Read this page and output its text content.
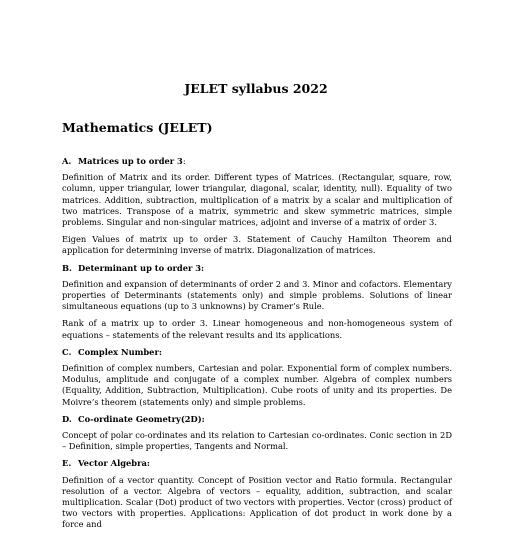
JELET syllabus 2022
Mathematics (JELET)

A. Matrices up to order 3:

Definition of Matrix and its order. Different types of Matrices. (Rectangular, square, row, column, upper triangular, lower triangular, diagonal, scalar, identity, null). Equality of two matrices. Addition, subtraction, multiplication of a matrix by a scalar and multiplication of two matrices. Transpose of a matrix, symmetric and skew symmetric matrices, simple problems. Singular and non-singular matrices, adjoint and inverse of a matrix of order 3.

Eigen Values of matrix up to order 3. Statement of Cauchy Hamilton Theorem and application for determining inverse of matrix. Diagonalization of matrices.

B. Determinant up to order 3:

Definition and expansion of determinants of order 2 and 3. Minor and cofactors. Elementary properties of Determinants (statements only) and simple problems. Solutions of linear simultaneous equations (up to 3 unknowns) by Cramer’s Rule.

Rank of a matrix up to order 3. Linear homogeneous and non-homogeneous system of equations – statements of the relevant results and its applications.

C. Complex Number:

Definition of complex numbers, Cartesian and polar. Exponential form of complex numbers. Modulus, amplitude and conjugate of a complex number. Algebra of complex numbers (Equality, Addition, Subtraction, Multiplication). Cube roots of unity and its properties. De Moivre’s theorem (statements only) and simple problems.

D. Co-ordinate Geometry(2D):

Concept of polar co-ordinates and its relation to Cartesian co-ordinates. Conic section in 2D – Definition, simple properties, Tangents and Normal.

E. Vector Algebra:

Definition of a vector quantity. Concept of Position vector and Ratio formula. Rectangular resolution of a vector. Algebra of vectors – equality, addition, subtraction, and scalar multiplication. Scalar (Dot) product of two vectors with properties. Vector (cross) product of two vectors with properties. Applications: Application of dot product in work done by a force and
